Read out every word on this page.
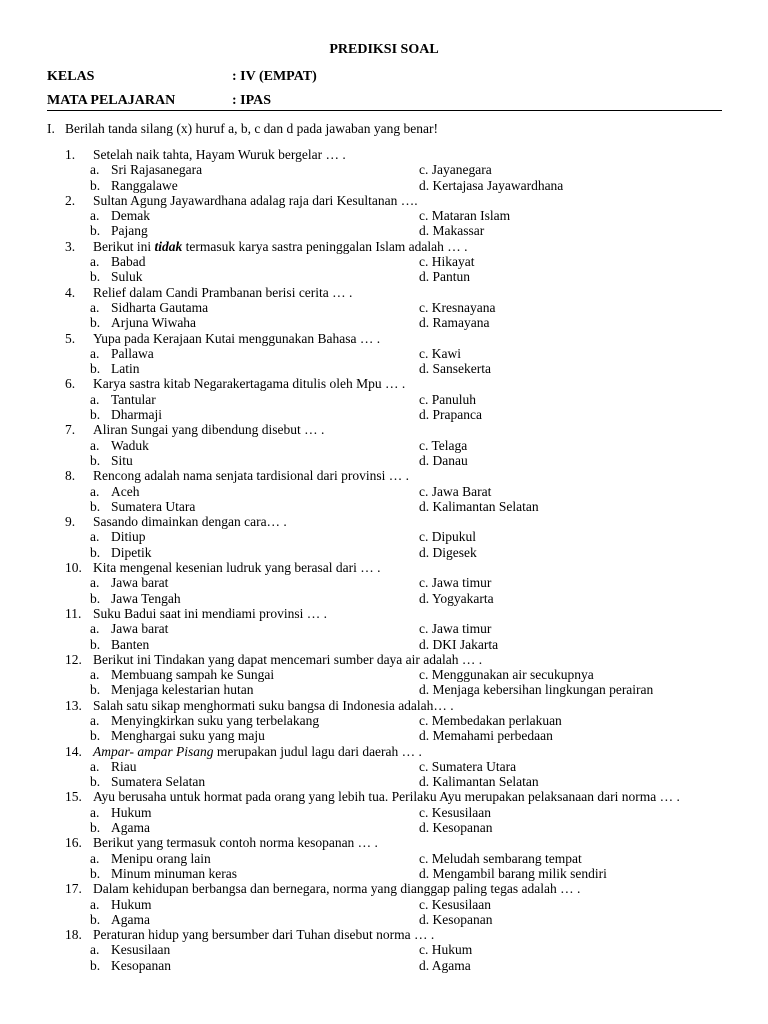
PREDIKSI SOAL
KELAS	: IV (EMPAT)
MATA PELAJARAN	: IPAS
I. Berilah tanda silang (x) huruf a, b, c dan d pada jawaban yang benar!
1. Setelah naik tahta, Hayam Wuruk bergelar … .
a. Sri Rajasanegara	c. Jayanegara
b. Ranggalawe	d. Kertajasa Jayawardhana
2. Sultan Agung Jayawardhana adalag raja dari Kesultanan ….
a. Demak	c. Mataran Islam
b. Pajang	d. Makassar
3. Berikut ini tidak termasuk karya sastra peninggalan Islam adalah … .
a. Babad	c. Hikayat
b. Suluk	d. Pantun
4. Relief dalam Candi Prambanan berisi cerita … .
a. Sidharta Gautama	c. Kresnayana
b. Arjuna Wiwaha	d. Ramayana
5. Yupa pada Kerajaan Kutai menggunakan Bahasa … .
a. Pallawa	c. Kawi
b. Latin	d. Sansekerta
6. Karya sastra kitab Negarakertagama ditulis oleh Mpu … .
a. Tantular	c. Panuluh
b. Dharmaji	d. Prapanca
7. Aliran Sungai yang dibendung disebut … .
a. Waduk	c. Telaga
b. Situ	d. Danau
8. Rencong adalah nama senjata tardisional dari provinsi … .
a. Aceh	c. Jawa Barat
b. Sumatera Utara	d. Kalimantan Selatan
9. Sasando dimainkan dengan cara… .
a. Ditiup	c. Dipukul
b. Dipetik	d. Digesek
10. Kita mengenal kesenian ludruk yang berasal dari … .
a. Jawa barat	c. Jawa timur
b. Jawa Tengah	d. Yogyakarta
11. Suku Badui saat ini mendiami provinsi … .
a. Jawa barat	c. Jawa timur
b. Banten	d. DKI Jakarta
12. Berikut ini Tindakan yang dapat mencemari sumber daya air adalah … .
a. Membuang sampah ke Sungai	c. Menggunakan air secukupnya
b. Menjaga kelestarian hutan	d. Menjaga kebersihan lingkungan perairan
13. Salah satu sikap menghormati suku bangsa di Indonesia adalah… .
a. Menyingkirkan suku yang terbelakang	c. Membedakan perlakuan
b. Menghargai suku yang maju	d. Memahami perbedaan
14. Ampar- ampar Pisang merupakan judul lagu dari daerah … .
a. Riau	c. Sumatera Utara
b. Sumatera Selatan	d. Kalimantan Selatan
15. Ayu berusaha untuk hormat pada orang yang lebih tua. Perilaku Ayu merupakan pelaksanaan dari norma … .
a. Hukum	c. Kesusilaan
b. Agama	d. Kesopanan
16. Berikut yang termasuk contoh norma kesopanan … .
a. Menipu orang lain	c. Meludah sembarang tempat
b. Minum minuman keras	d. Mengambil barang milik sendiri
17. Dalam kehidupan berbangsa dan bernegara, norma yang dianggap paling tegas adalah … .
a. Hukum	c. Kesusilaan
b. Agama	d. Kesopanan
18. Peraturan hidup yang bersumber dari Tuhan disebut norma … .
a. Kesusilaan	c. Hukum
b. Kesopanan	d. Agama
